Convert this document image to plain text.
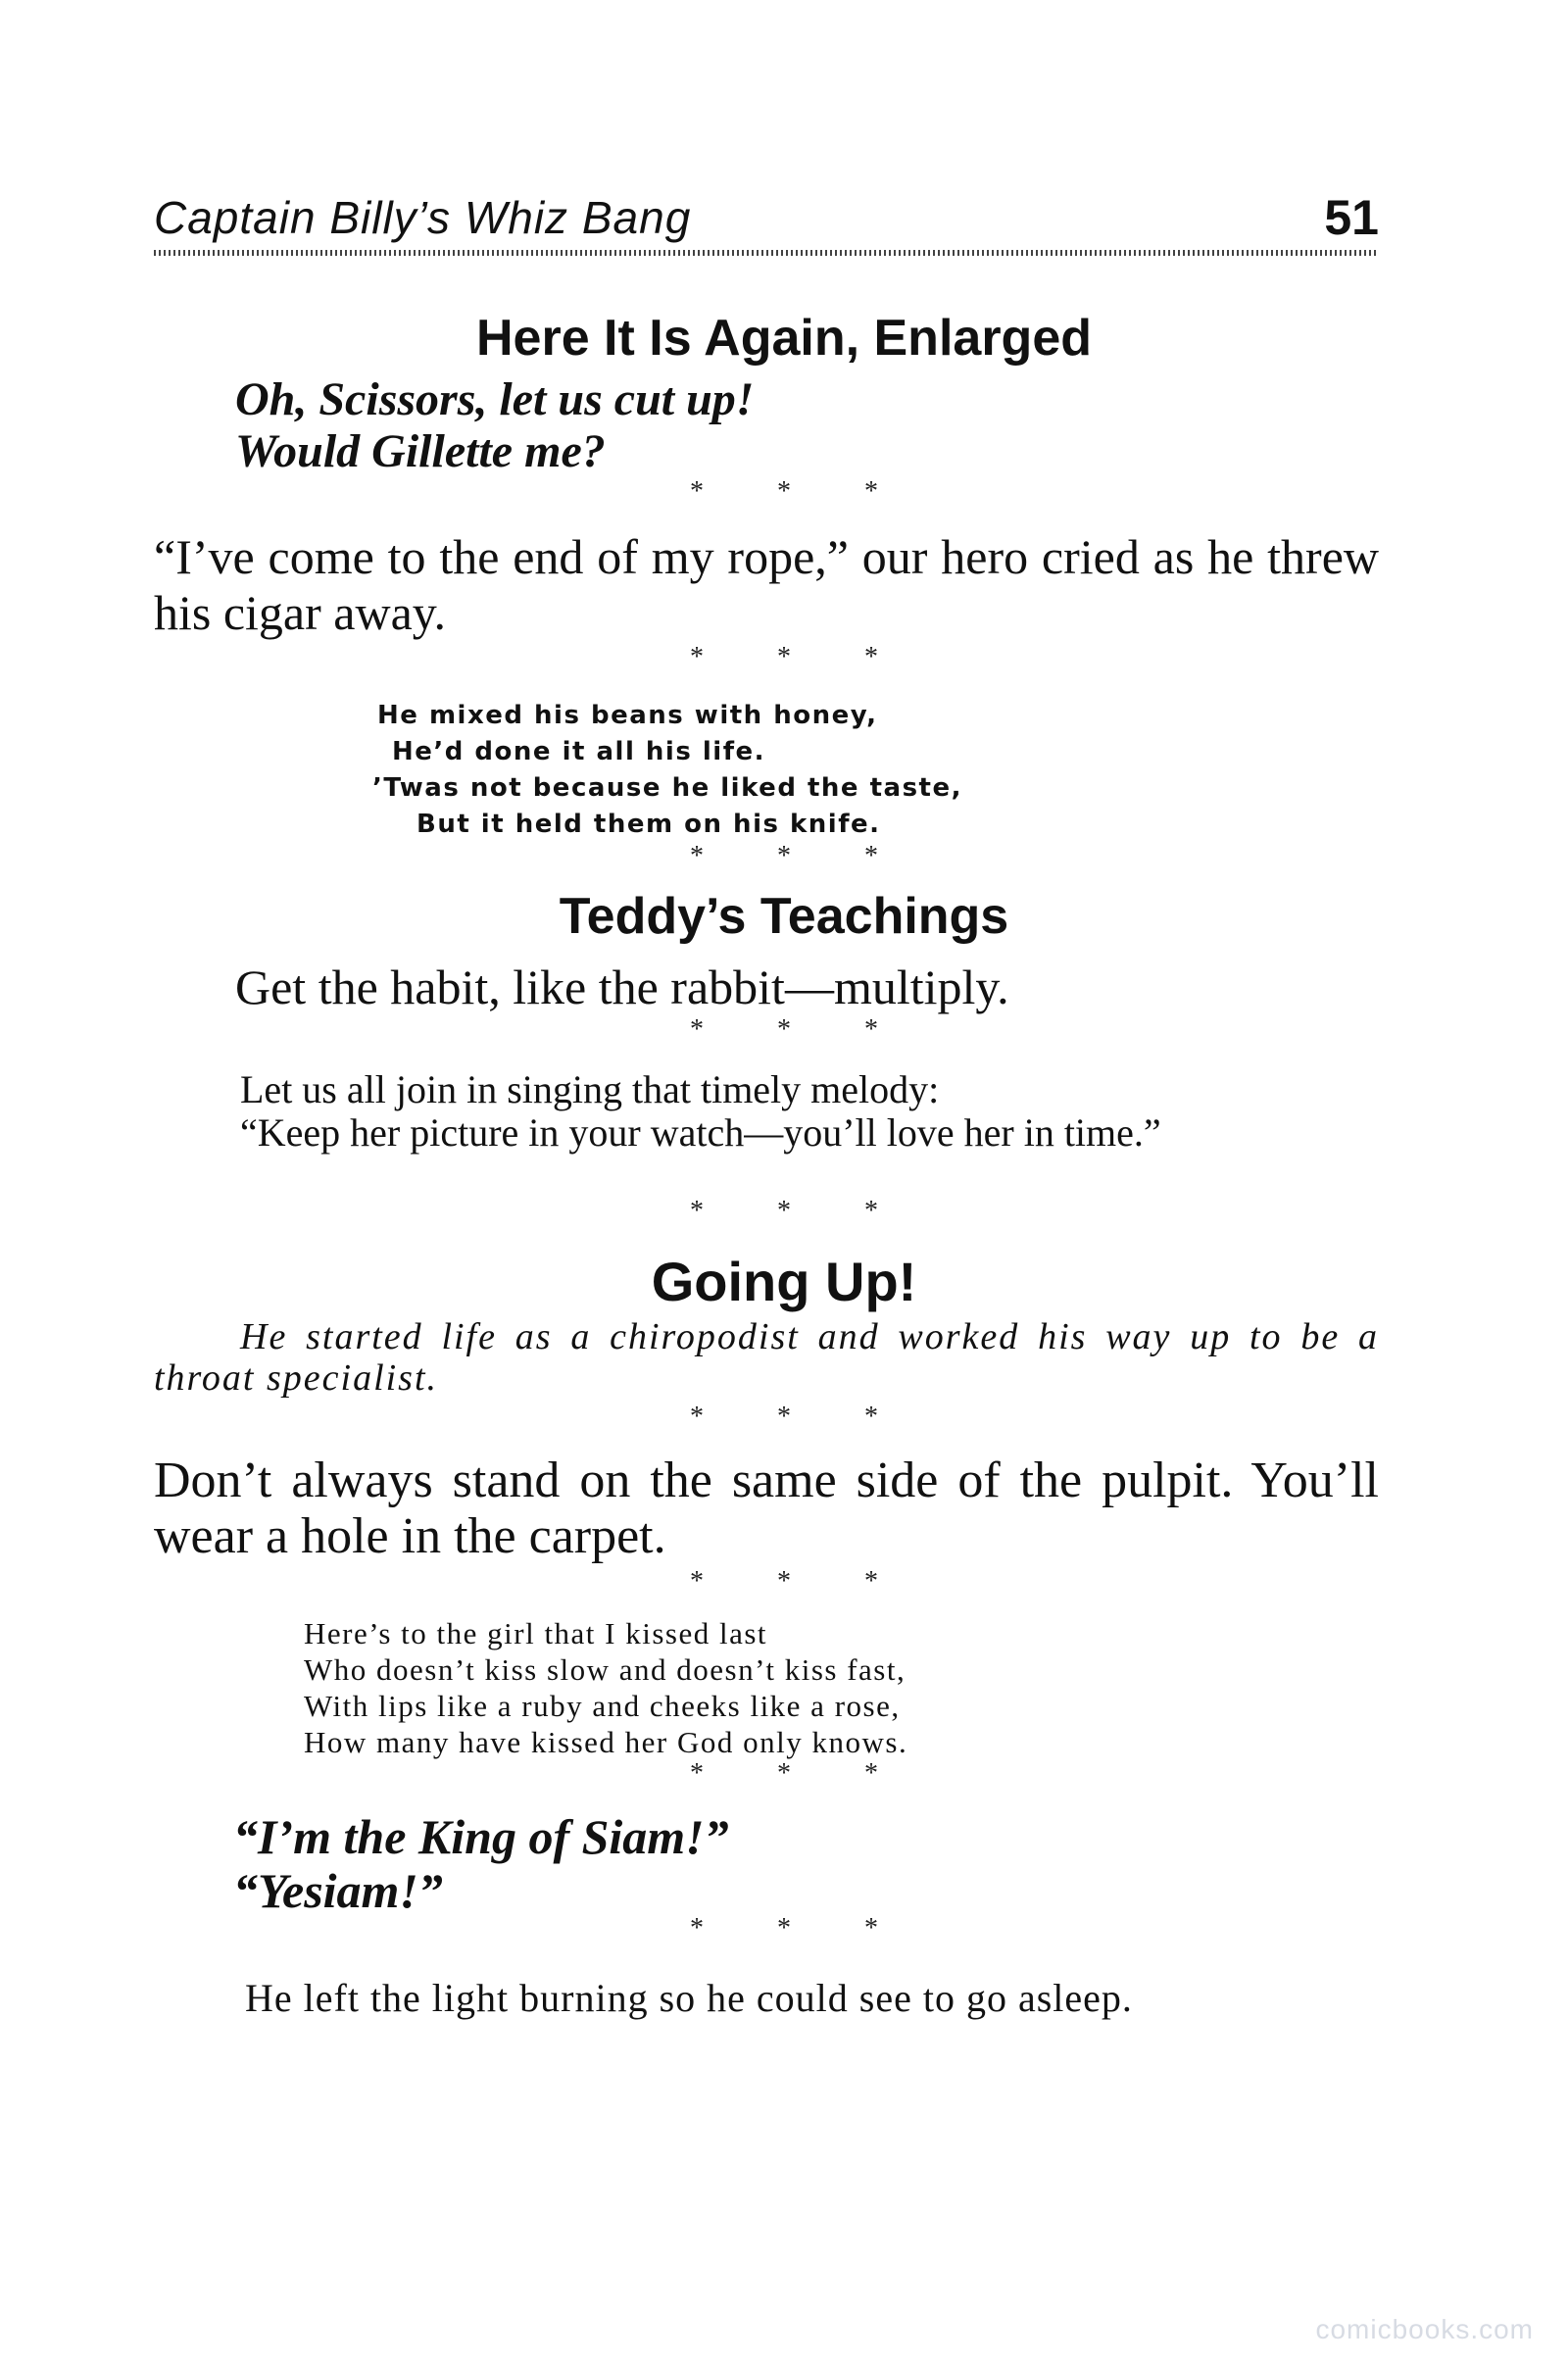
Captain Billy’s Whiz Bang	51
Here It Is Again, Enlarged
Oh, Scissors, let us cut up!
Would Gillette me?
* * *
“I’ve come to the end of my rope,” our hero cried as he threw his cigar away.
* * *
He mixed his beans with honey,
He’d done it all his life.
’Twas not because he liked the taste,
But it held them on his knife.
* * *
Teddy’s Teachings
Get the habit, like the rabbit—multiply.
* * *
Let us all join in singing that timely melody:
“Keep her picture in your watch—you’ll love her in time.”
* * *
Going Up!
He started life as a chiropodist and worked his way up to be a throat specialist.
* * *
Don’t always stand on the same side of the pulpit. You’ll wear a hole in the carpet.
* * *
Here’s to the girl that I kissed last
Who doesn’t kiss slow and doesn’t kiss fast,
With lips like a ruby and cheeks like a rose,
How many have kissed her God only knows.
* * *
“I’m the King of Siam!”
“Yesiam!”
* * *
He left the light burning so he could see to go asleep.
comicbooks.com
